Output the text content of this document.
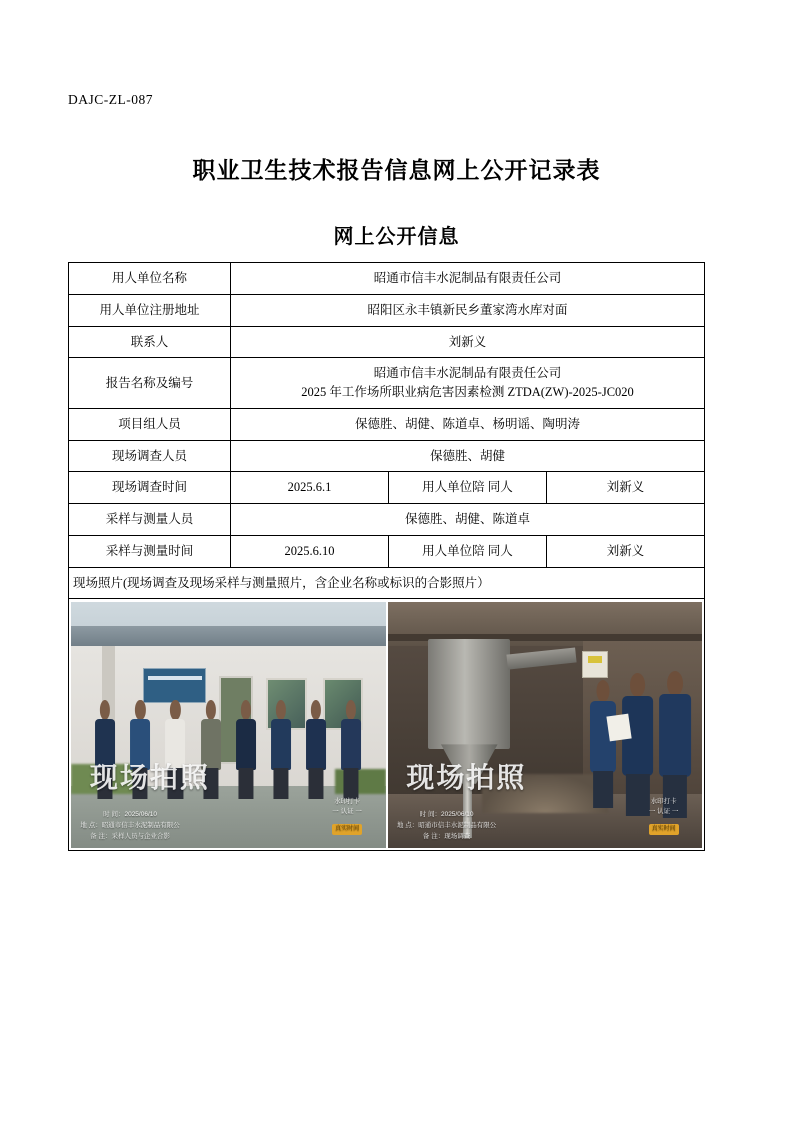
DAJC-ZL-087
职业卫生技术报告信息网上公开记录表
网上公开信息
用人单位名称	昭通市信丰水泥制品有限责任公司		
用人单位注册地址	昭阳区永丰镇新民乡董家湾水库对面		
联系人	刘新义		
报告名称及编号	昭通市信丰水泥制品有限责任公司
2025 年工作场所职业病危害因素检测 ZTDA(ZW)-2025-JC020		

项目组人员	保德胜、胡健、陈道卓、杨明谣、陶明涛		
现场调查人员	保德胜、胡健		
现场调查时间	2025.6.1	用人单位陪 同人	刘新义
采样与测量人员	保德胜、胡健、陈道卓		
采样与测量时间	2025.6.10	用人单位陪 同人	刘新义
现场照片(现场调查及现场采样与测量照片，含企业名称或标识的合影照片）			

现场拍照
时 间：2025/06/10
地 点：昭通市信丰水泥制品有限公
备 注：采样人员与企业合影
水印打卡
一 认证 一
真实时间
现场拍照
时 间：2025/06/10
地 点：昭通市信丰水泥制品有限公
备 注：现场调查
水印打卡
一 认证 一
真实时间
